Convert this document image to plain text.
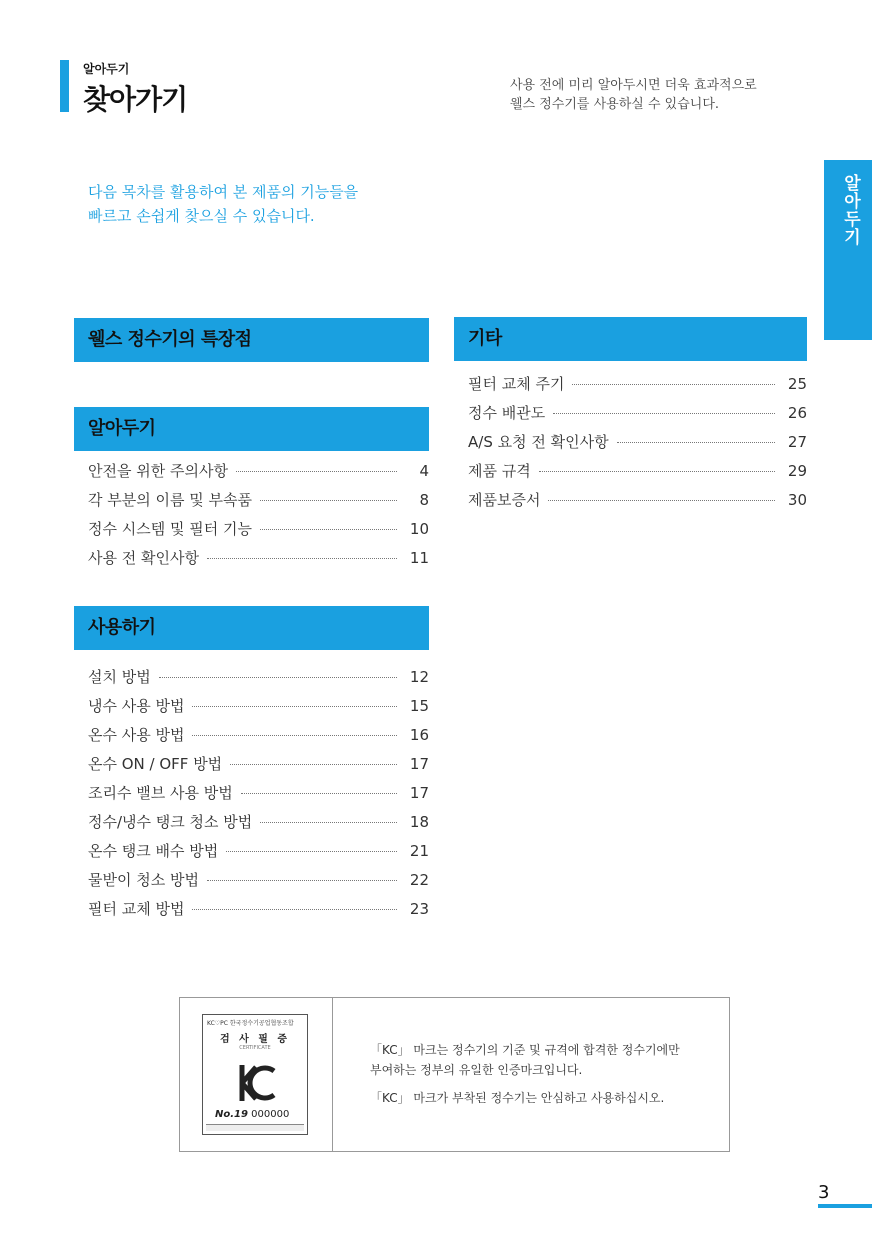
알아두기
찾아가기	사용 전에 미리 알아두시면 더욱 효과적으로
웰스 정수기를 사용하실 수 있습니다.
다음 목차를 활용하여 본 제품의 기능들을
빠르고 손쉽게 찾으실 수 있습니다.	알아두기
웰스 정수기의 특장점
알아두기
안전을 위한 주의사항	4
각 부분의 이름 및 부속품	8
정수 시스템 및 필터 기능	10
사용 전 확인사항	11
사용하기
설치 방법	12
냉수 사용 방법	15
온수 사용 방법	16
온수 ON / OFF 방법	17
조리수 밸브 사용 방법	17
정수/냉수 탱크 청소 방법	18
온수 탱크 배수 방법	21
물받이 청소 방법	22
필터 교체 방법	23
기타
필터 교체 주기	25
정수 배관도	26
A/S 요청 전 확인사항	27
제품 규격	29
제품보증서	30
KC♡PC 한국정수기공업협동조합
검 사 필 증
CERTIFICATE
No.19 000000

「KC」 마크는 정수기의 기준 및 규격에 합격한 정수기에만

부여하는 정부의 유일한 인증마크입니다.

「KC」 마크가 부착된 정수기는 안심하고 사용하십시오.

3
